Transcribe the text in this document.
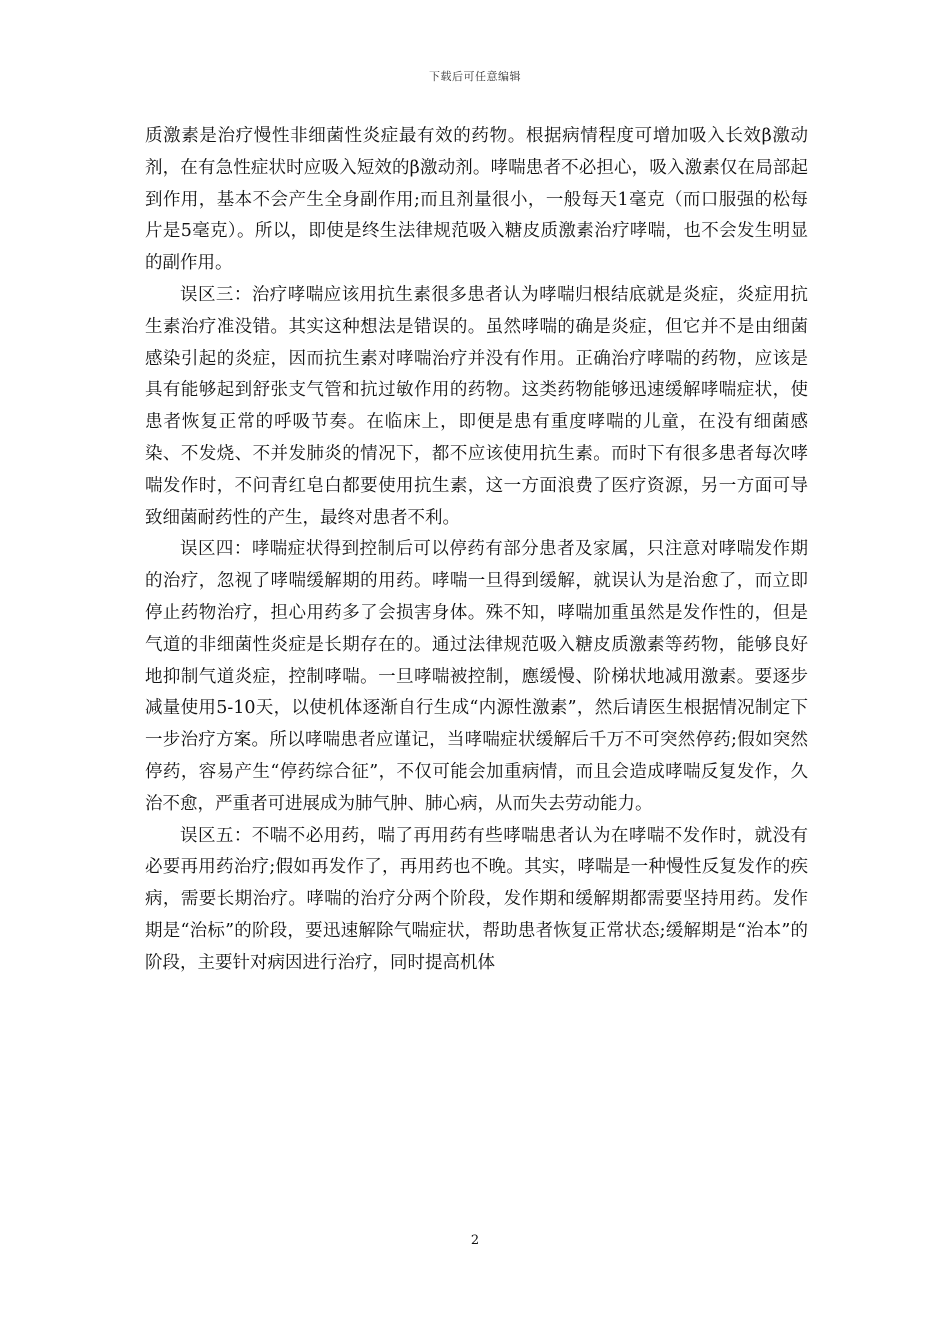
下载后可任意编辑

质激素是治疗慢性非细菌性炎症最有效的药物。根据病情程度可增加吸入长效β激动剂，在有急性症状时应吸入短效的β激动剂。哮喘患者不必担心，吸入激素仅在局部起到作用，基本不会产生全身副作用;而且剂量很小，一般每天1毫克（而口服强的松每片是5毫克）。所以，即使是终生法律规范吸入糖皮质激素治疗哮喘，也不会发生明显的副作用。

误区三：治疗哮喘应该用抗生素很多患者认为哮喘归根结底就是炎症，炎症用抗生素治疗准没错。其实这种想法是错误的。虽然哮喘的确是炎症，但它并不是由细菌感染引起的炎症，因而抗生素对哮喘治疗并没有作用。正确治疗哮喘的药物，应该是具有能够起到舒张支气管和抗过敏作用的药物。这类药物能够迅速缓解哮喘症状，使患者恢复正常的呼吸节奏。在临床上，即便是患有重度哮喘的儿童，在没有细菌感染、不发烧、不并发肺炎的情况下，都不应该使用抗生素。而时下有很多患者每次哮喘发作时，不问青红皂白都要使用抗生素，这一方面浪费了医疗资源，另一方面可导致细菌耐药性的产生，最终对患者不利。

误区四：哮喘症状得到控制后可以停药有部分患者及家属，只注意对哮喘发作期的治疗，忽视了哮喘缓解期的用药。哮喘一旦得到缓解，就误认为是治愈了，而立即停止药物治疗，担心用药多了会损害身体。殊不知，哮喘加重虽然是发作性的，但是气道的非细菌性炎症是长期存在的。通过法律规范吸入糖皮质激素等药物，能够良好地抑制气道炎症，控制哮喘。一旦哮喘被控制，應缓慢、阶梯状地减用激素。要逐步减量使用5-10天，以使机体逐渐自行生成“内源性激素”，然后请医生根据情况制定下一步治疗方案。所以哮喘患者应谨记，当哮喘症状缓解后千万不可突然停药;假如突然停药，容易产生“停药综合征”，不仅可能会加重病情，而且会造成哮喘反复发作，久治不愈，严重者可进展成为肺气肿、肺心病，从而失去劳动能力。

误区五：不喘不必用药，喘了再用药有些哮喘患者认为在哮喘不发作时，就没有必要再用药治疗;假如再发作了，再用药也不晚。其实，哮喘是一种慢性反复发作的疾病，需要长期治疗。哮喘的治疗分两个阶段，发作期和缓解期都需要坚持用药。发作期是“治标”的阶段，要迅速解除气喘症状，帮助患者恢复正常状态;缓解期是“治本”的阶段，主要针对病因进行治疗，同时提高机体

2
